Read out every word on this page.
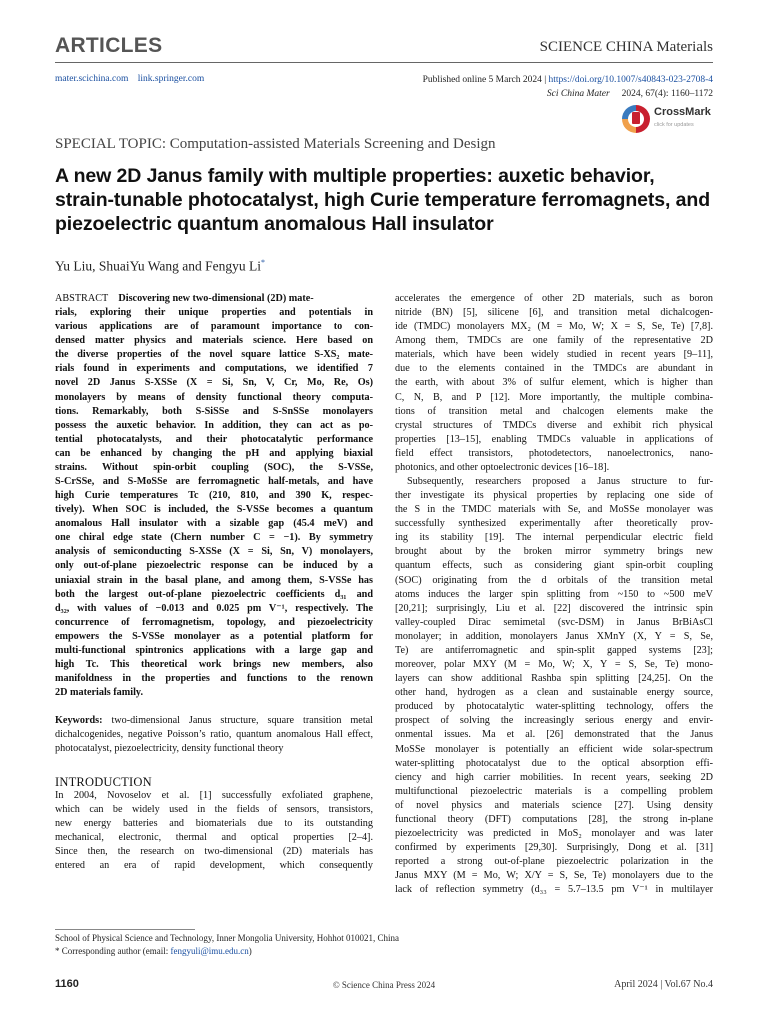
ARTICLES	SCIENCE CHINA Materials
mater.scichina.com link.springer.com	Published online 5 March 2024 | https://doi.org/10.1007/s40843-023-2708-4
Sci China Mater 2024, 67(4): 1160–1172
CrossMark
click for updates
SPECIAL TOPIC: Computation-assisted Materials Screening and Design
A new 2D Janus family with multiple properties: auxetic behavior, strain-tunable photocatalyst, high Curie temperature ferromagnets, and piezoelectric quantum anomalous Hall insulator
Yu Liu, ShuaiYu Wang and Fengyu Li*
ABSTRACT  Discovering new two-dimensional (2D) mate-
rials, exploring their unique properties and potentials in
various applications are of paramount importance to con-
densed matter physics and materials science. Here based on
the diverse properties of the novel square lattice S-XS₂ mate-
rials found in experiments and computations, we identified 7
novel 2D Janus S-XSSe (X = Si, Sn, V, Cr, Mo, Re, Os)
monolayers by means of density functional theory computa-
tions. Remarkably, both S-SiSSe and S-SnSSe monolayers
possess the auxetic behavior. In addition, they can act as po-
tential photocatalysts, and their photocatalytic performance
can be enhanced by changing the pH and applying biaxial
strains. Without spin-orbit coupling (SOC), the S-VSSe,
S-CrSSe, and S-MoSSe are ferromagnetic half-metals, and have
high Curie temperatures Tc (210, 810, and 390 K, respec-
tively). When SOC is included, the S-VSSe becomes a quantum
anomalous Hall insulator with a sizable gap (45.4 meV) and
one chiral edge state (Chern number C = −1). By symmetry
analysis of semiconducting S-XSSe (X = Si, Sn, V) monolayers,
only out-of-plane piezoelectric response can be induced by a
uniaxial strain in the basal plane, and among them, S-VSSe has
both the largest out-of-plane piezoelectric coefficients d₃₁ and
d₃₂, with values of −0.013 and 0.025 pm V⁻¹, respectively. The
concurrence of ferromagnetism, topology, and piezoelectricity
empowers the S-VSSe monolayer as a potential platform for
multi-functional spintronics applications with a large gap and
high Tc. This theoretical work brings new members, also
manifoldness in the properties and functions to the renown
2D materials family.
Keywords: two-dimensional Janus structure, square transition metal dichalcogenides, negative Poisson’s ratio, quantum anomalous Hall effect, photocatalyst, piezoelectricity, density functional theory
INTRODUCTION
In 2004, Novoselov et al. [1] successfully exfoliated graphene,
which can be widely used in the fields of sensors, transistors,
new energy batteries and biomaterials due to its outstanding
mechanical, electronic, thermal and optical properties [2–4].
Since then, the research on two-dimensional (2D) materials has
entered an era of rapid development, which consequently
accelerates the emergence of other 2D materials, such as boron
nitride (BN) [5], silicene [6], and transition metal dichalcogen-
ide (TMDC) monolayers MX₂ (M = Mo, W; X = S, Se, Te) [7,8].
Among them, TMDCs are one family of the representative 2D
materials, which have been widely studied in recent years [9–11],
due to the elements contained in the TMDCs are abundant in
the earth, with about 3% of sulfur element, which is higher than
C, N, B, and P [12]. More importantly, the multiple combina-
tions of transition metal and chalcogen elements make the
crystal structures of TMDCs diverse and exhibit rich physical
properties [13–15], enabling TMDCs valuable in applications of
field effect transistors, photodetectors, nanoelectronics, nano-
photonics, and other optoelectronic devices [16–18].
Subsequently, researchers proposed a Janus structure to fur-
ther investigate its physical properties by replacing one side of
the S in the TMDC materials with Se, and MoSSe monolayer was
successfully synthesized experimentally after theoretically prov-
ing its stability [19]. The internal perpendicular electric field
brought about by the broken mirror symmetry brings new
quantum effects, such as considering giant spin-orbit coupling
(SOC) originating from the d orbitals of the transition metal
atoms induces the larger spin splitting from ~150 to ~500 meV
[20,21]; surprisingly, Liu et al. [22] discovered the intrinsic spin
valley-coupled Dirac semimetal (svc-DSM) in Janus BrBiAsCl
monolayer; in addition, monolayers Janus XMnY (X, Y = S, Se,
Te) are antiferromagnetic and spin-split gapped systems [23];
moreover, polar MXY (M = Mo, W; X, Y = S, Se, Te) mono-
layers can show additional Rashba spin splitting [24,25]. On the
other hand, hydrogen as a clean and sustainable energy source,
produced by photocatalytic water-splitting technology, offers the
prospect of solving the increasingly serious energy and envir-
onmental issues. Ma et al. [26] demonstrated that the Janus
MoSSe monolayer is potentially an efficient wide solar-spectrum
water-splitting photocatalyst due to the optical absorption effi-
ciency and high carrier mobilities. In recent years, seeking 2D
multifunctional piezoelectric materials is a compelling problem
of novel physics and materials science [27]. Using density
functional theory (DFT) computations [28], the strong in-plane
piezoelectricity was predicted in MoS₂ monolayer and was later
confirmed by experiments [29,30]. Surprisingly, Dong et al. [31]
reported a strong out-of-plane piezoelectric polarization in the
Janus MXY (M = Mo, W; X/Y = S, Se, Te) monolayers due to the
lack of reflection symmetry (d₃₃ = 5.7–13.5 pm V⁻¹ in multilayer
School of Physical Science and Technology, Inner Mongolia University, Hohhot 010021, China
* Corresponding author (email: fengyuli@imu.edu.cn)
1160	© Science China Press 2024	April 2024 | Vol.67 No.4
